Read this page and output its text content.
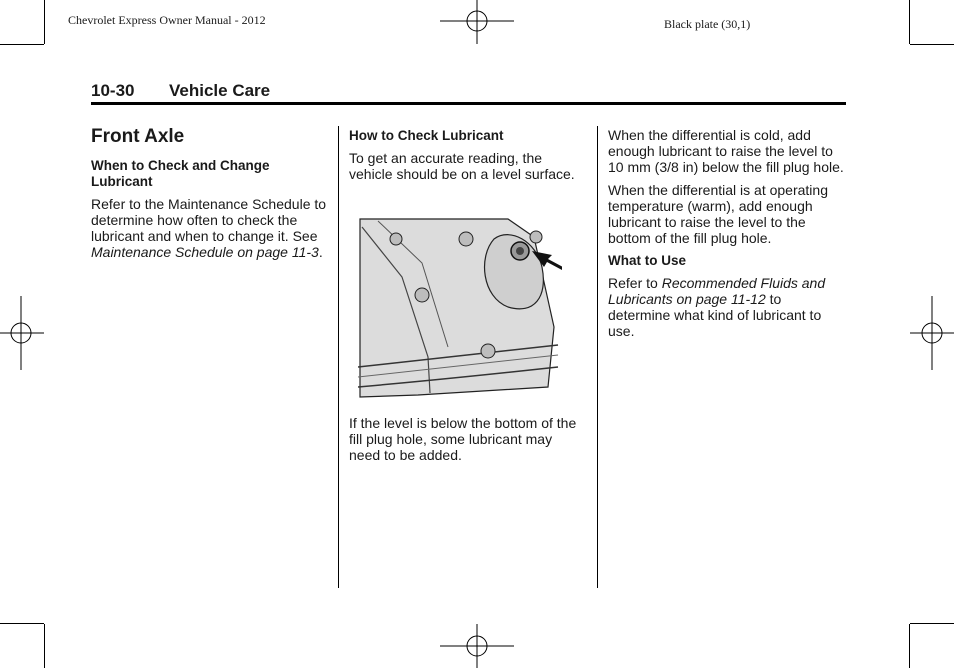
Chevrolet Express Owner Manual - 2012	Black plate (30,1)
10-30 Vehicle Care
Front Axle
When to Check and Change Lubricant

Refer to the Maintenance Schedule to determine how often to check the lubricant and when to change it. See Maintenance Schedule on page 11-3.

How to Check Lubricant

To get an accurate reading, the vehicle should be on a level surface.

If the level is below the bottom of the fill plug hole, some lubricant may need to be added.

When the differential is cold, add enough lubricant to raise the level to 10 mm (3/8 in) below the fill plug hole.

When the differential is at operating temperature (warm), add enough lubricant to raise the level to the bottom of the fill plug hole.

What to Use

Refer to Recommended Fluids and Lubricants on page 11-12 to determine what kind of lubricant to use.
